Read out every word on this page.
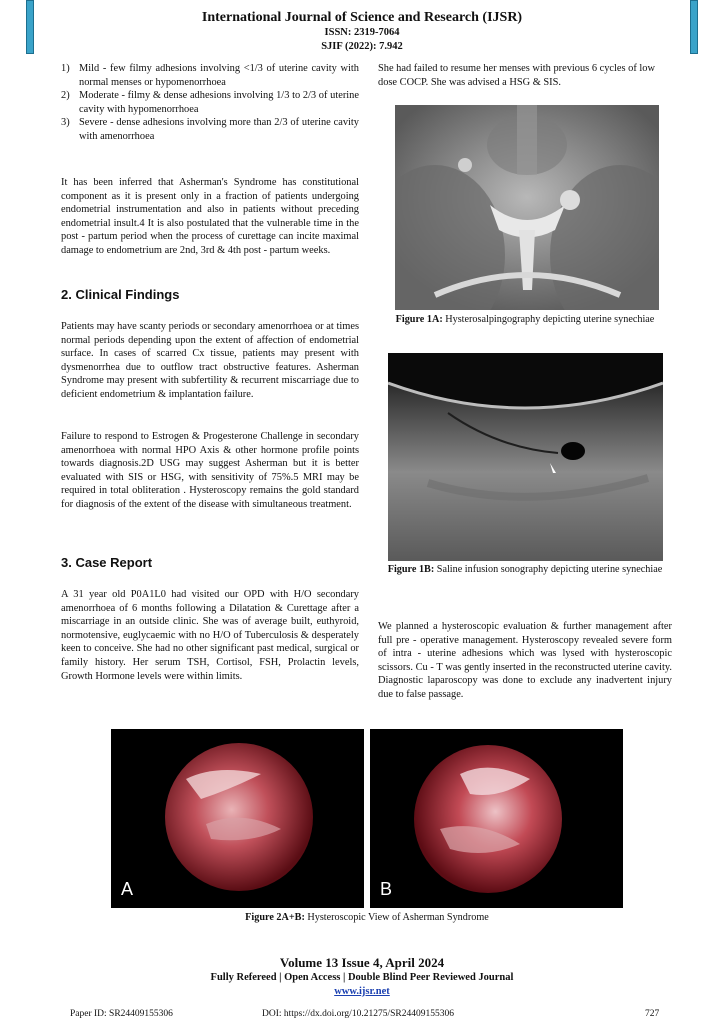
International Journal of Science and Research (IJSR)
ISSN: 2319-7064
SJIF (2022): 7.942
1) Mild - few filmy adhesions involving <1/3 of uterine cavity with normal menses or hypomenorrhoea
2) Moderate - filmy & dense adhesions involving 1/3 to 2/3 of uterine cavity with hypomenorrhoea
3) Severe - dense adhesions involving more than 2/3 of uterine cavity with amenorrhoea

It has been inferred that Asherman's Syndrome has constitutional component as it is present only in a fraction of patients undergoing endometrial instrumentation and also in patients without preceding endometrial insult.4 It is also postulated that the vulnerable time in the post - partum period when the process of curettage can incite maximal damage to endometrium are 2nd, 3rd & 4th post - partum weeks.

2. Clinical Findings

Patients may have scanty periods or secondary amenorrhoea or at times normal periods depending upon the extent of affection of endometrial surface. In cases of scarred Cx tissue, patients may present with dysmenorrhea due to outflow tract obstructive features. Asherman Syndrome may present with subfertility & recurrent miscarriage due to deficient endometrium & implantation failure.

Failure to respond to Estrogen & Progesterone Challenge in secondary amenorrhoea with normal HPO Axis & other hormone profile points towards diagnosis.2D USG may suggest Asherman but it is better evaluated with SIS or HSG, with sensitivity of 75%.5 MRI may be required in total obliteration . Hysteroscopy remains the gold standard for diagnosis of the extent of the disease with simultaneous treatment.

3. Case Report

A 31 year old P0A1L0 had visited our OPD with H/O secondary amenorrhoea of 6 months following a Dilatation & Curettage after a miscarriage in an outside clinic. She was of average built, euthyroid, normotensive, euglycaemic with no H/O of Tuberculosis & desperately keen to conceive. She had no other significant past medical, surgical or family history. Her serum TSH, Cortisol, FSH, Prolactin levels, Growth Hormone levels were within limits.

She had failed to resume her menses with previous 6 cycles of low dose COCP. She was advised a HSG & SIS.

Figure 1A: Hysterosalpingography depicting uterine synechiae
Figure 1B: Saline infusion sonography depicting uterine synechiae

We planned a hysteroscopic evaluation & further management after full pre - operative management. Hysteroscopy revealed severe form of intra - uterine adhesions which was lysed with hysteroscopic scissors. Cu - T was gently inserted in the reconstructed uterine cavity. Diagnostic laparoscopy was done to exclude any inadvertent injury due to false passage.

A	B
Figure 2A+B: Hysteroscopic View of Asherman Syndrome
Volume 13 Issue 4, April 2024
Fully Refereed | Open Access | Double Blind Peer Reviewed Journal
www.ijsr.net
Paper ID: SR24409155306	DOI: https://dx.doi.org/10.21275/SR24409155306	727
